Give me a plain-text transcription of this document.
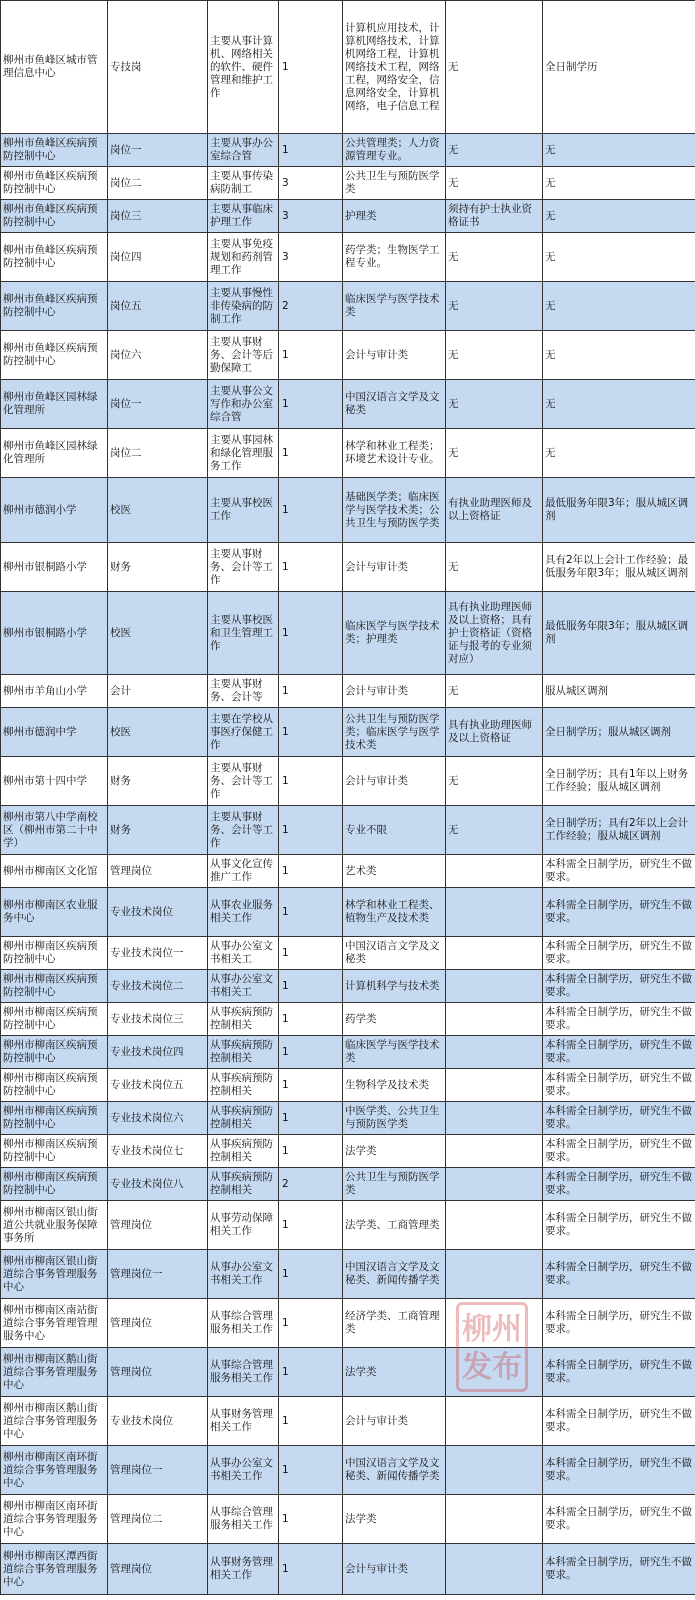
柳州市鱼峰区城市管理信息中心	专技岗	主要从事计算机、网络相关的软件、硬件管理和维护工作	1	计算机应用技术，计算机网络技术，计算机网络工程，计算机网络技术工程，网络工程，网络安全，信息网络安全，计算机网络，电子信息工程	无	全日制学历
柳州市鱼峰区疾病预防控制中心	岗位一	主要从事办公室综合管	1	公共管理类；人力资源管理专业。	无	无
柳州市鱼峰区疾病预防控制中心	岗位二	主要从事传染病防制工	3	公共卫生与预防医学类	无	无
柳州市鱼峰区疾病预防控制中心	岗位三	主要从事临床护理工作	3	护理类	须持有护士执业资格证书	无
柳州市鱼峰区疾病预防控制中心	岗位四	主要从事免疫规划和药剂管理工作	3	药学类；生物医学工程专业。	无	无
柳州市鱼峰区疾病预防控制中心	岗位五	主要从事慢性非传染病的防制工作	2	临床医学与医学技术类	无	无
柳州市鱼峰区疾病预防控制中心	岗位六	主要从事财务、会计等后勤保障工	1	会计与审计类	无	无
柳州市鱼峰区园林绿化管理所	岗位一	主要从事公文写作和办公室综合管	1	中国汉语言文学及文秘类	无	无
柳州市鱼峰区园林绿化管理所	岗位二	主要从事园林和绿化管理服务工作	1	林学和林业工程类；环境艺术设计专业。	无	无
柳州市德润小学	校医	主要从事校医工作	1	基础医学类；临床医学与医学技术类；公共卫生与预防医学类	有执业助理医师及以上资格证	最低服务年限3年；服从城区调剂
柳州市银桐路小学	财务	主要从事财务、会计等工作	1	会计与审计类	无	具有2年以上会计工作经验；最低服务年限3年；服从城区调剂
柳州市银桐路小学	校医	主要从事校医和卫生管理工作	1	临床医学与医学技术类；护理类	具有执业助理医师及以上资格；具有护士资格证（资格证与报考的专业须对应）	最低服务年限3年；服从城区调剂
柳州市羊角山小学	会计	主要从事财务、会计等	1	会计与审计类	无	服从城区调剂
柳州市德润中学	校医	主要在学校从事医疗保健工作	1	公共卫生与预防医学类；临床医学与医学技术类	具有执业助理医师及以上资格证	全日制学历；服从城区调剂
柳州市第十四中学	财务	主要从事财务、会计等工作	1	会计与审计类	无	全日制学历；具有1年以上财务工作经验；服从城区调剂
柳州市第八中学南校区（柳州市第二十中学）	财务	主要从事财务、会计等工作	1	专业不限	无	全日制学历；具有2年以上会计工作经验；服从城区调剂
柳州市柳南区文化馆	管理岗位	从事文化宣传推广工作	1	艺术类		本科需全日制学历，研究生不做要求。
柳州市柳南区农业服务中心	专业技术岗位	从事农业服务相关工作	1	林学和林业工程类、植物生产及技术类		本科需全日制学历，研究生不做要求。
柳州市柳南区疾病预防控制中心	专业技术岗位一	从事办公室文书相关工	1	中国汉语言文学及文秘类		本科需全日制学历，研究生不做要求。
柳州市柳南区疾病预防控制中心	专业技术岗位二	从事办公室文书相关工	1	计算机科学与技术类		本科需全日制学历，研究生不做要求。
柳州市柳南区疾病预防控制中心	专业技术岗位三	从事疾病预防控制相关	1	药学类		本科需全日制学历，研究生不做要求。
柳州市柳南区疾病预防控制中心	专业技术岗位四	从事疾病预防控制相关	1	临床医学与医学技术类		本科需全日制学历，研究生不做要求。
柳州市柳南区疾病预防控制中心	专业技术岗位五	从事疾病预防控制相关	1	生物科学及技术类		本科需全日制学历，研究生不做要求。
柳州市柳南区疾病预防控制中心	专业技术岗位六	从事疾病预防控制相关	1	中医学类、公共卫生与预防医学类		本科需全日制学历，研究生不做要求。
柳州市柳南区疾病预防控制中心	专业技术岗位七	从事疾病预防控制相关	1	法学类		本科需全日制学历，研究生不做要求。
柳州市柳南区疾病预防控制中心	专业技术岗位八	从事疾病预防控制相关	2	公共卫生与预防医学类		本科需全日制学历，研究生不做要求。
柳州市柳南区银山街道公共就业服务保障事务所	管理岗位	从事劳动保障相关工作	1	法学类、工商管理类		本科需全日制学历，研究生不做要求。
柳州市柳南区银山街道综合事务管理服务中心	管理岗位一	从事办公室文书相关工作	1	中国汉语言文学及文秘类、新闻传播学类		本科需全日制学历，研究生不做要求。
柳州市柳南区南站街道综合事务管理管理服务中心	管理岗位	从事综合管理服务相关工作	1	经济学类、工商管理类		本科需全日制学历，研究生不做要求。
柳州市柳南区鹅山街道综合事务管理服务中心	管理岗位	从事综合管理服务相关工作	1	法学类		本科需全日制学历，研究生不做要求。
柳州市柳南区鹅山街道综合事务管理服务中心	专业技术岗位	从事财务管理相关工作	1	会计与审计类		本科需全日制学历，研究生不做要求。
柳州市柳南区南环街道综合事务管理服务中心	管理岗位一	从事办公室文书相关工作	1	中国汉语言文学及文秘类、新闻传播学类		本科需全日制学历，研究生不做要求。
柳州市柳南区南环街道综合事务管理服务中心	管理岗位二	从事综合管理服务相关工作	1	法学类		本科需全日制学历，研究生不做要求。
柳州市柳南区潭西街道综合事务管理服务中心	管理岗位	从事财务管理相关工作	1	会计与审计类		本科需全日制学历，研究生不做要求。
柳州
发布
